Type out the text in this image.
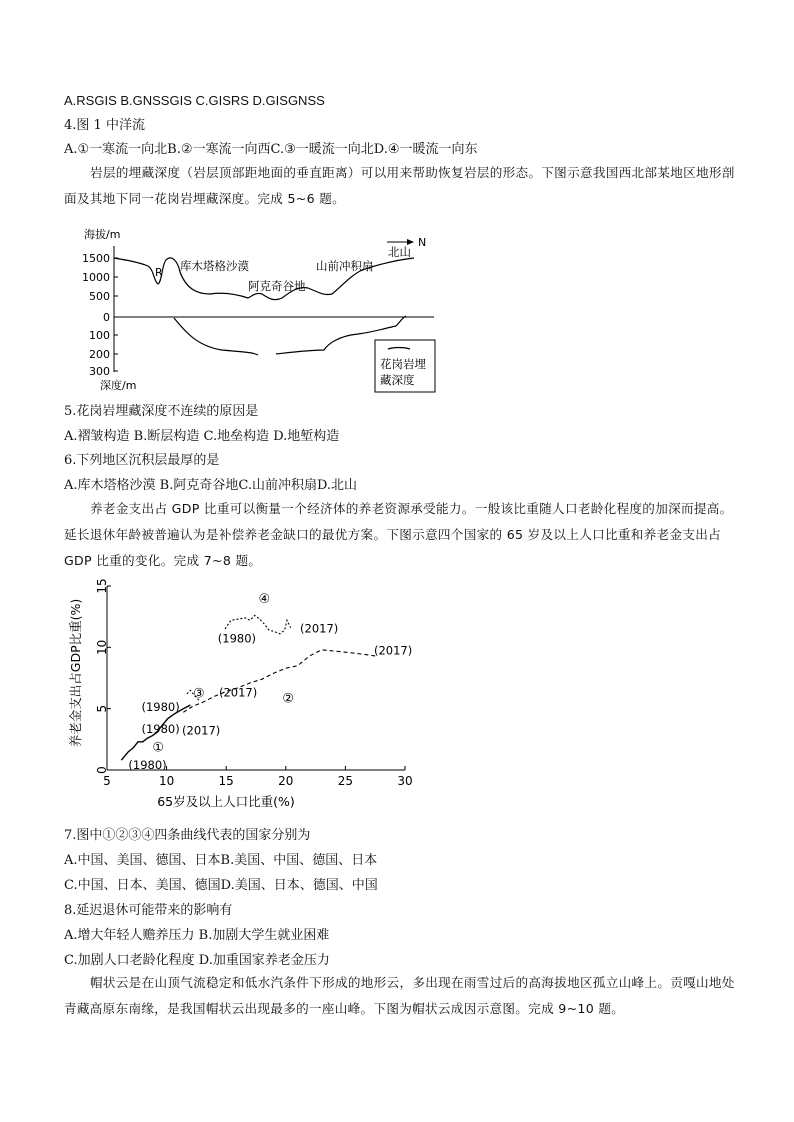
A.RSGIS B.GNSSGIS C.GISRS D.GISGNSS
4.图 1 中洋流
A.①一寒流一向北B.②一寒流一向西C.③一暖流一向北D.④一暖流一向东
岩层的埋藏深度（岩层顶部距地面的垂直距离）可以用来帮助恢复岩层的形态。下图示意我国西北部某地区地形剖面及其地下同一花岗岩埋藏深度。完成 5~6 题。
海拔/m
1500
1000
500
0
100
200
300
深度/m
R 库木塔格沙漠
阿克奇谷地
山前冲积扇
北山
N
花岗岩埋
藏深度
5.花岗岩埋藏深度不连续的原因是
A.褶皱构造 B.断层构造 C.地垒构造 D.地堑构造
6.下列地区沉积层最厚的是
A.库木塔格沙漠 B.阿克奇谷地C.山前冲积扇D.北山
养老金支出占 GDP 比重可以衡量一个经济体的养老资源承受能力。一般该比重随人口老龄化程度的加深而提高。延长退休年龄被普遍认为是补偿养老金缺口的最优方案。下图示意四个国家的 65 岁及以上人口比重和养老金支出占 GDP 比重的变化。完成 7~8 题。
5	10	15	20	25	30
0
5
10
15
65岁及以上人口比重(%)
养老金支出占GDP比重(%)
①
(1980)
(2017)
②
(1980)
(2017)
③
(1980)
④
(1980)
(2017)
(2017)
7.图中①②③④四条曲线代表的国家分别为
A.中国、美国、德国、日本B.美国、中国、德国、日本
C.中国、日本、美国、德国D.美国、日本、德国、中国
8.延迟退休可能带来的影响有
A.增大年轻人赡养压力 B.加剧大学生就业困难
C.加剧人口老龄化程度 D.加重国家养老金压力
帽状云是在山顶气流稳定和低水汽条件下形成的地形云，多出现在雨雪过后的高海拔地区孤立山峰上。贡嘎山地处青藏高原东南缘，是我国帽状云出现最多的一座山峰。下图为帽状云成因示意图。完成 9~10 题。
